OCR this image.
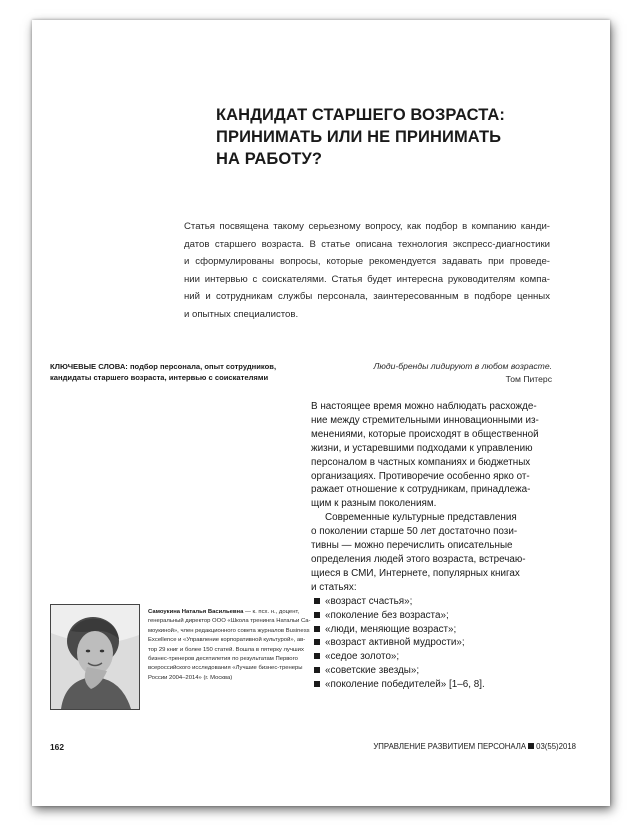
КАНДИДАТ СТАРШЕГО ВОЗРАСТА:
ПРИНИМАТЬ ИЛИ НЕ ПРИНИМАТЬ
НА РАБОТУ?
Статья посвящена такому серьезному вопросу, как подбор в компанию канди-
датов старшего возраста. В статье описана технология экспресс-диагностики
и сформулированы вопросы, которые рекомендуется задавать при проведе-
нии интервью с соискателями. Статья будет интересна руководителям компа-
ний и сотрудникам службы персонала, заинтересованным в подборе ценных
и опытных специалистов.
КЛЮЧЕВЫЕ СЛОВА: подбор персонала, опыт сотрудников,
кандидаты старшего возраста, интервью с соискателями
Люди-бренды лидируют в любом возрасте.
Том Питерс
В настоящее время можно наблюдать расхожде-
ние между стремительными инновационными из-
менениями, которые происходят в общественной
жизни, и устаревшими подходами к управлению
персоналом в частных компаниях и бюджетных
организациях. Противоречие особенно ярко от-
ражает отношение к сотрудникам, принадлежа-
щим к разным поколениям.
Современные культурные представления
о поколении старше 50 лет достаточно пози-
тивны — можно перечислить описательные
определения людей этого возраста, встречаю-
щиеся в СМИ, Интернете, популярных книгах
и статьях:
«возраст счастья»;
«поколение без возраста»;
«люди, меняющие возраст»;
«возраст активной мудрости»;
«седое золото»;
«советские звезды»;
«поколение победителей» [1–6, 8].
Самоукина Наталья Васильевна — к. псх. н., доцент,
генеральный директор ООО «Школа тренинга Натальи Са-
моукиной», член редакционного совета журналов Business
Excellence и «Управление корпоративной культурой», ав-
тор 29 книг и более 150 статей. Вошла в пятерку лучших
бизнес-тренеров десятилетия по результатам Первого
всероссийского исследования «Лучшие бизнес-тренеры
России 2004–2014» (г. Москва)
162	УПРАВЛЕНИЕ РАЗВИТИЕМ ПЕРСОНАЛА 03(55)2018
